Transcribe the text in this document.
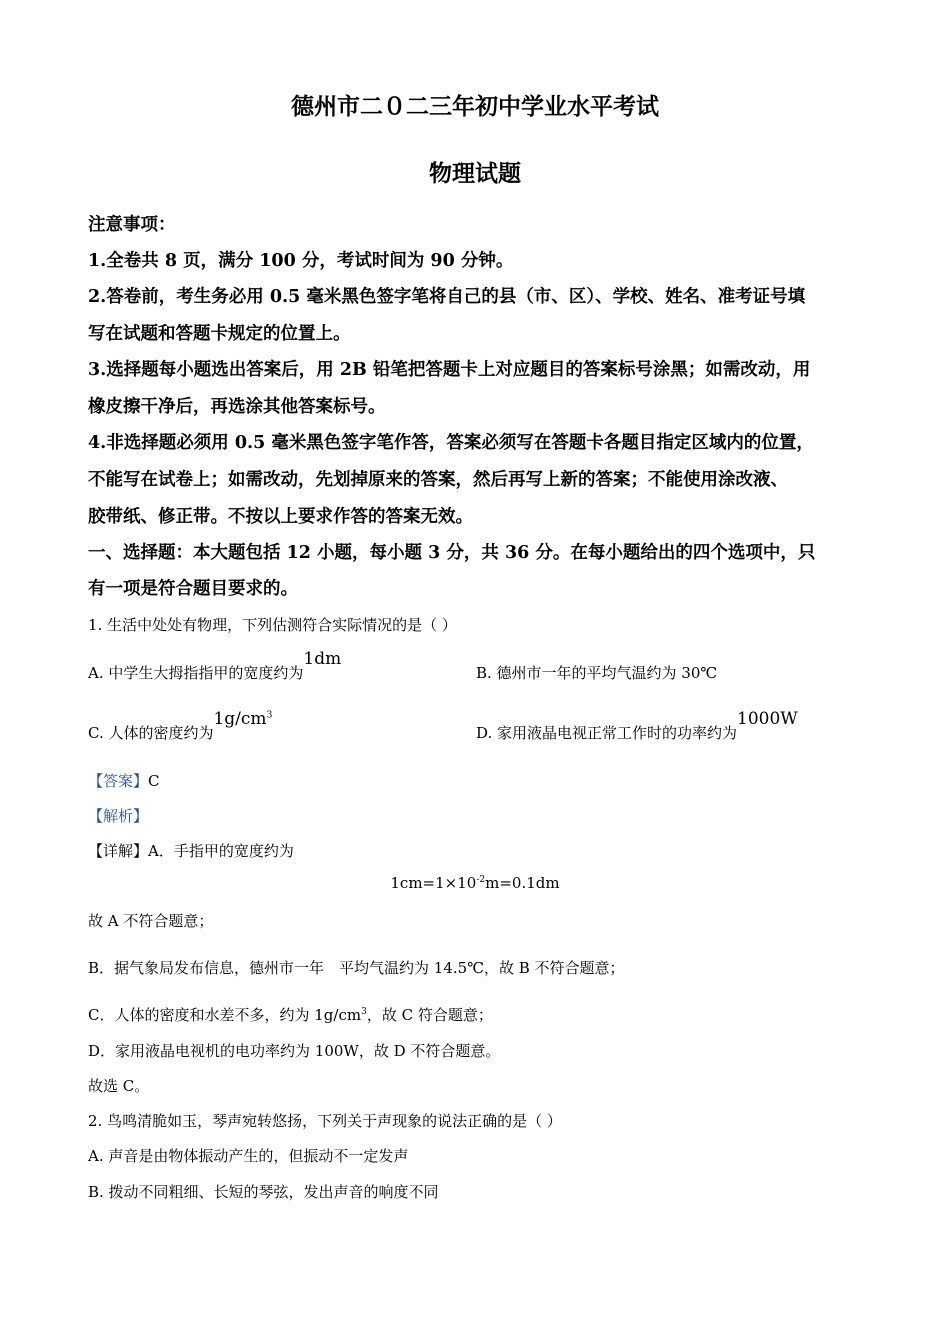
德州市二０二三年初中学业水平考试
物理试题
注意事项：
1.全卷共 8 页，满分 100 分，考试时间为 90 分钟。
2.答卷前，考生务必用 0.5 毫米黑色签字笔将自己的县（市、区）、学校、姓名、准考证号填
写在试题和答题卡规定的位置上。
3.选择题每小题选出答案后，用 2B 铅笔把答题卡上对应题目的答案标号涂黑；如需改动，用
橡皮擦干净后，再选涂其他答案标号。
4.非选择题必须用 0.5 毫米黑色签字笔作答，答案必须写在答题卡各题目指定区域内的位置，
不能写在试卷上；如需改动，先划掉原来的答案，然后再写上新的答案；不能使用涂改液、
胶带纸、修正带。不按以上要求作答的答案无效。
一、选择题：本大题包括 12 小题，每小题 3 分，共 36 分。在每小题给出的四个选项中，只
有一项是符合题目要求的。
1. 生活中处处有物理，下列估测符合实际情况的是（ ）
A. 中学生大拇指指甲的宽度约为1dm
B. 德州市一年的平均气温约为 30℃
C. 人体的密度约为$1g/cm^3$
D. 家用液晶电视正常工作时的功率约为1000W
【答案】C
【解析】
【详解】A．手指甲的宽度约为
$1cm=1\times 10^{-2}m=0.1dm$
故 A 不符合题意；
B．据气象局发布信息，德州市一年　平均气温约为 14.5℃，故 B 不符合题意；
C．人体的密度和水差不多，约为 $1g/cm^3$，故 C 符合题意；
D．家用液晶电视机的电功率约为 100W，故 D 不符合题意。
故选 C。
2. 鸟鸣清脆如玉，琴声宛转悠扬，下列关于声现象的说法正确的是（ ）
A. 声音是由物体振动产生的，但振动不一定发声
B. 拨动不同粗细、长短的琴弦，发出声音的响度不同
